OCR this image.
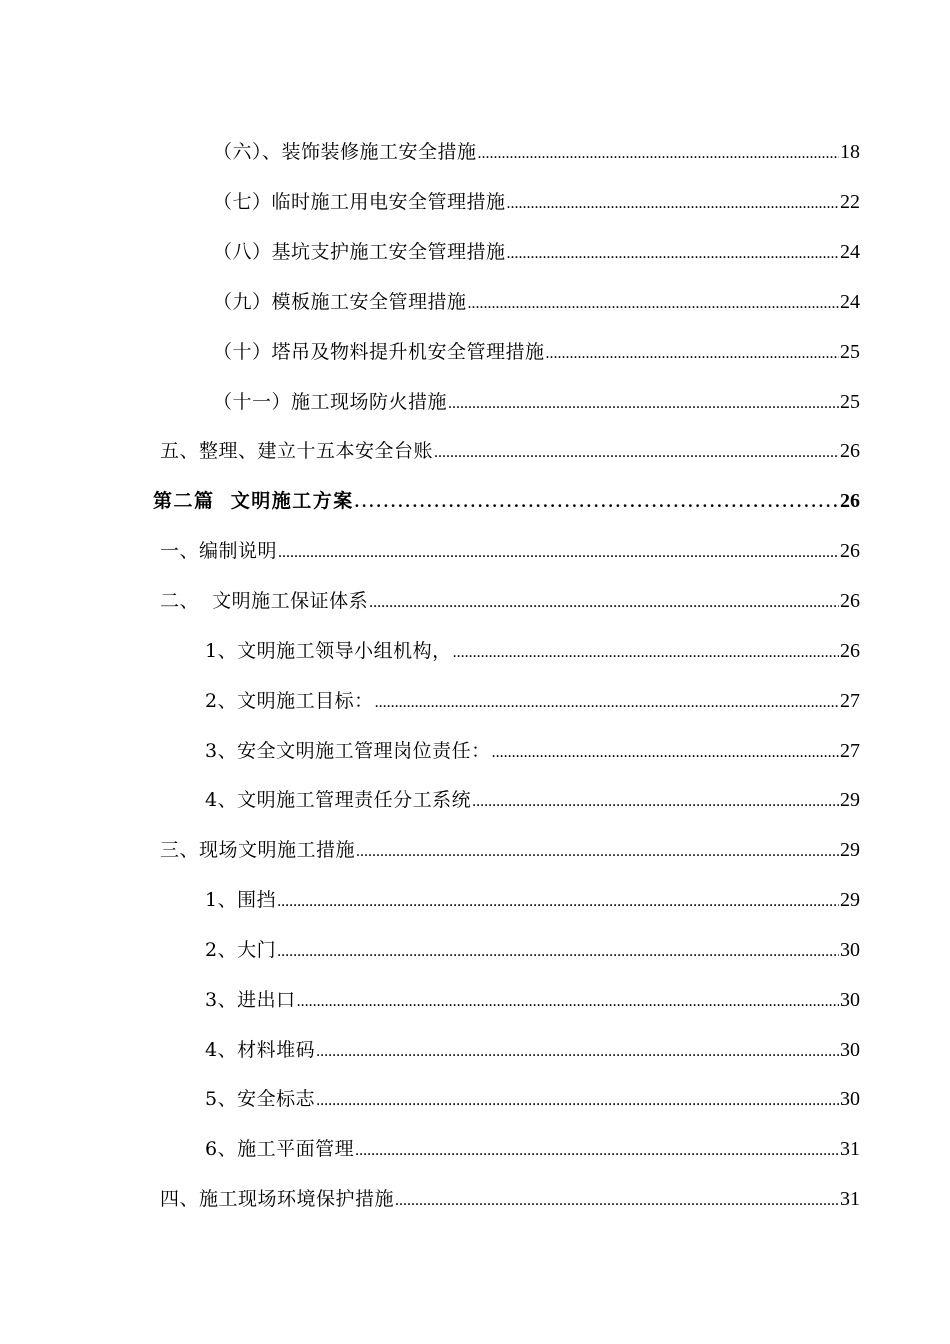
（六）、装饰装修施工安全措施 .....	18
（七）临时施工用电安全管理措施 .....	22
（八）基坑支护施工安全管理措施 .....	24
（九）模板施工安全管理措施 .....	24
（十）塔吊及物料提升机安全管理措施 .....	25
（十一）施工现场防火措施 .....	25
五、整理、建立十五本安全台账 .....	26
第二篇  文明施工方案 .....	26
一、编制说明 .....	26
二、  文明施工保证体系 .....	26
1、文明施工领导小组机构， .....	26
2、文明施工目标： .....	27
3、安全文明施工管理岗位责任： .....	27
4、文明施工管理责任分工系统 .....	29
三、现场文明施工措施 .....	29
1、围挡 .....	29
2、大门 .....	30
3、进出口 .....	30
4、材料堆码 .....	30
5、安全标志 .....	30
6、施工平面管理 .....	31
四、施工现场环境保护措施 .....	31
